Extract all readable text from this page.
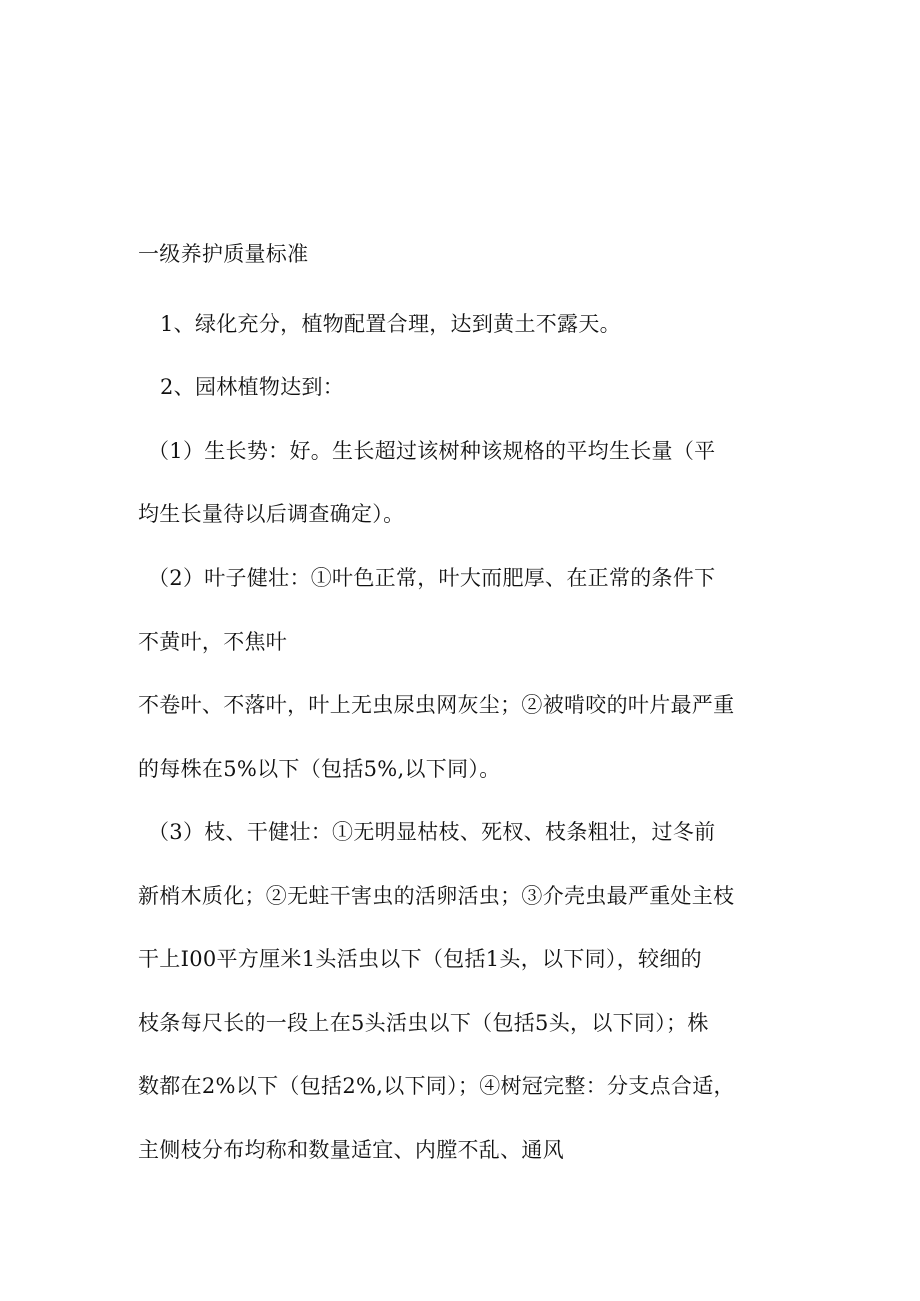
一级养护质量标准
1、绿化充分，植物配置合理，达到黄土不露天。
2、园林植物达到：
（1）生长势：好。生长超过该树种该规格的平均生长量（平
均生长量待以后调查确定）。
（2）叶子健壮：①叶色正常，叶大而肥厚、在正常的条件下
不黄叶，不焦叶
不卷叶、不落叶，叶上无虫尿虫网灰尘；②被啃咬的叶片最严重
的每株在5%以下（包括5%,以下同）。
（3）枝、干健壮：①无明显枯枝、死杈、枝条粗壮，过冬前
新梢木质化；②无蛀干害虫的活卵活虫；③介壳虫最严重处主枝
干上I00平方厘米1头活虫以下（包括1头，以下同），较细的
枝条每尺长的一段上在5头活虫以下（包括5头，以下同）；株
数都在2%以下（包括2%,以下同）；④树冠完整：分支点合适，
主侧枝分布均称和数量适宜、内膛不乱、通风
